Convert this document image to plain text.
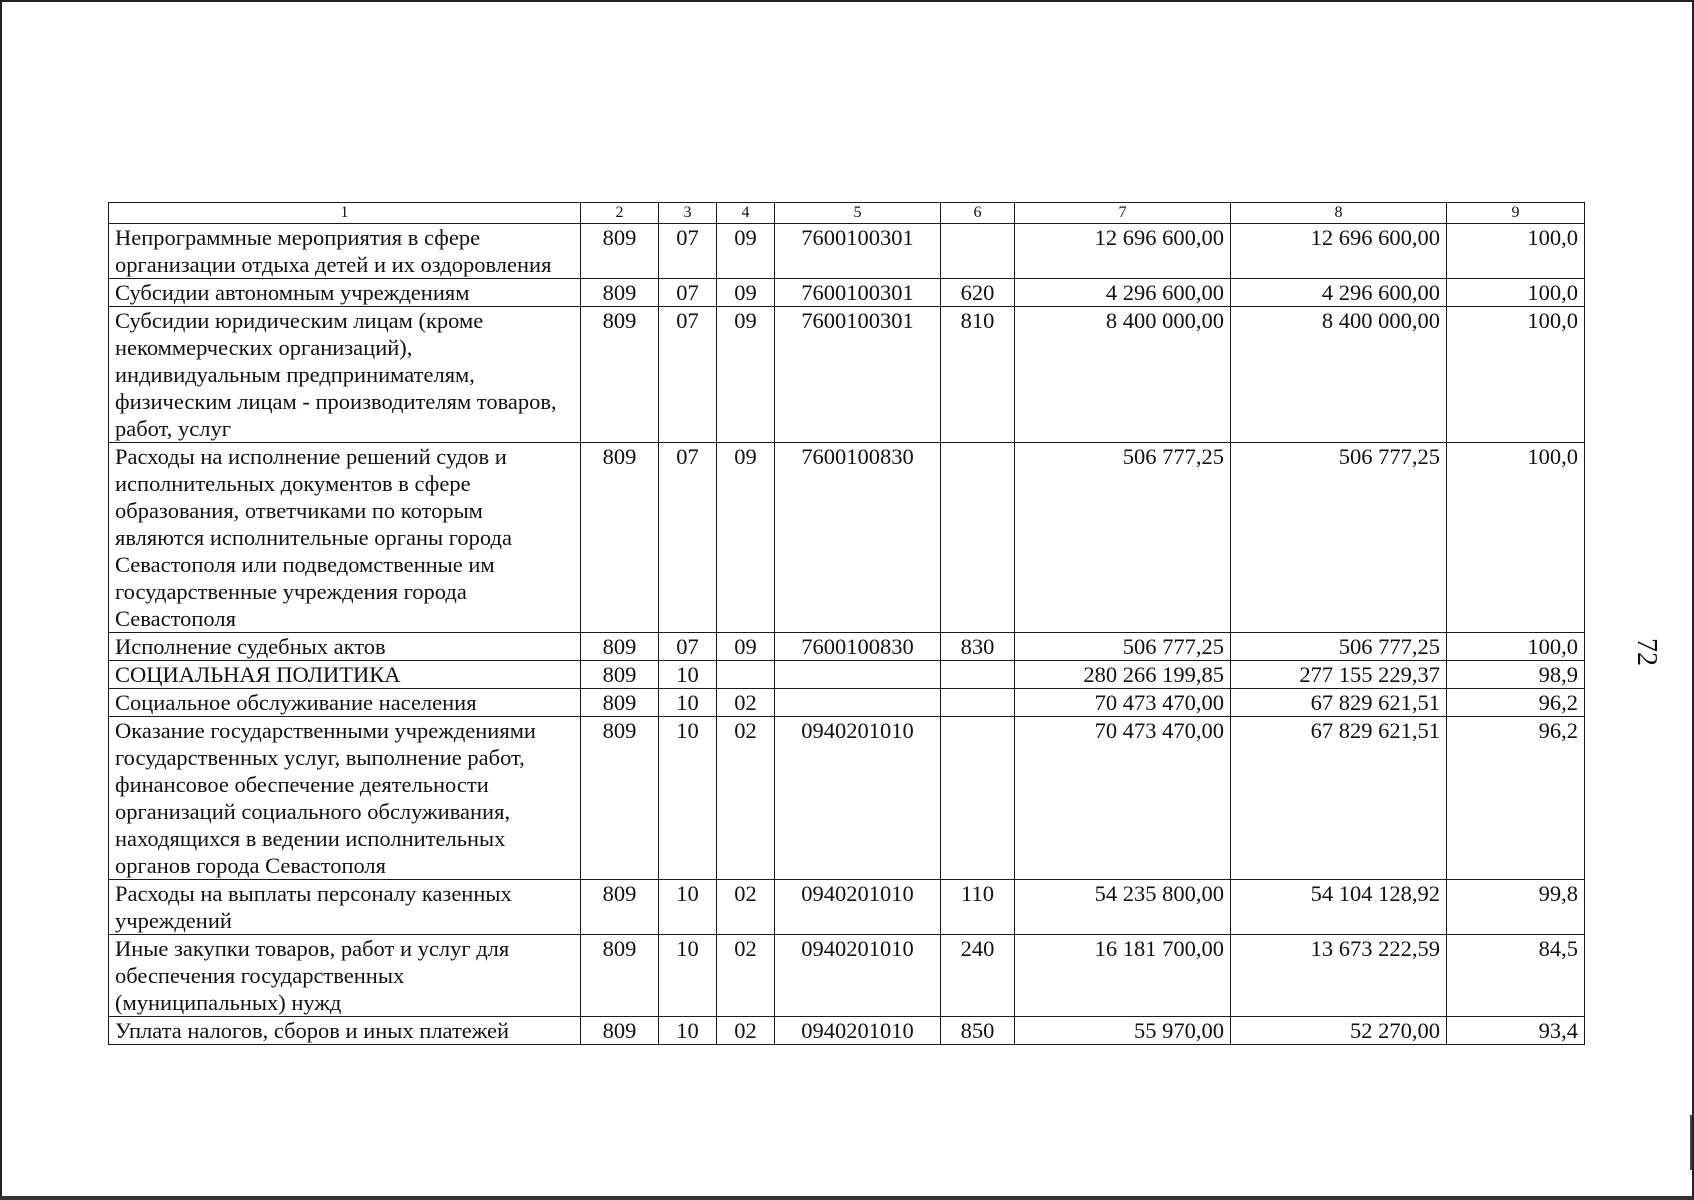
1	2	3	4	5	6	7	8	9
Непрограммные мероприятия в сфере организации отдыха детей и их оздоровления	809	07	09	7600100301		12 696 600,00	12 696 600,00	100,0
Субсидии автономным учреждениям	809	07	09	7600100301	620	4 296 600,00	4 296 600,00	100,0
Субсидии юридическим лицам (кроме некоммерческих организаций), индивидуальным предпринимателям, физическим лицам - производителям товаров, работ, услуг	809	07	09	7600100301	810	8 400 000,00	8 400 000,00	100,0
Расходы на исполнение решений судов и исполнительных документов в сфере образования, ответчиками по которым являются исполнительные органы города Севастополя или подведомственные им государственные учреждения города Севастополя	809	07	09	7600100830		506 777,25	506 777,25	100,0
Исполнение судебных актов	809	07	09	7600100830	830	506 777,25	506 777,25	100,0
СОЦИАЛЬНАЯ ПОЛИТИКА	809	10				280 266 199,85	277 155 229,37	98,9
Социальное обслуживание населения	809	10	02			70 473 470,00	67 829 621,51	96,2
Оказание государственными учреждениями государственных услуг, выполнение работ, финансовое обеспечение деятельности организаций социального обслуживания, находящихся в ведении исполнительных органов города Севастополя	809	10	02	0940201010		70 473 470,00	67 829 621,51	96,2
Расходы на выплаты персоналу казенных учреждений	809	10	02	0940201010	110	54 235 800,00	54 104 128,92	99,8
Иные закупки товаров, работ и услуг для обеспечения государственных (муниципальных) нужд	809	10	02	0940201010	240	16 181 700,00	13 673 222,59	84,5
Уплата налогов, сборов и иных платежей	809	10	02	0940201010	850	55 970,00	52 270,00	93,4
72
